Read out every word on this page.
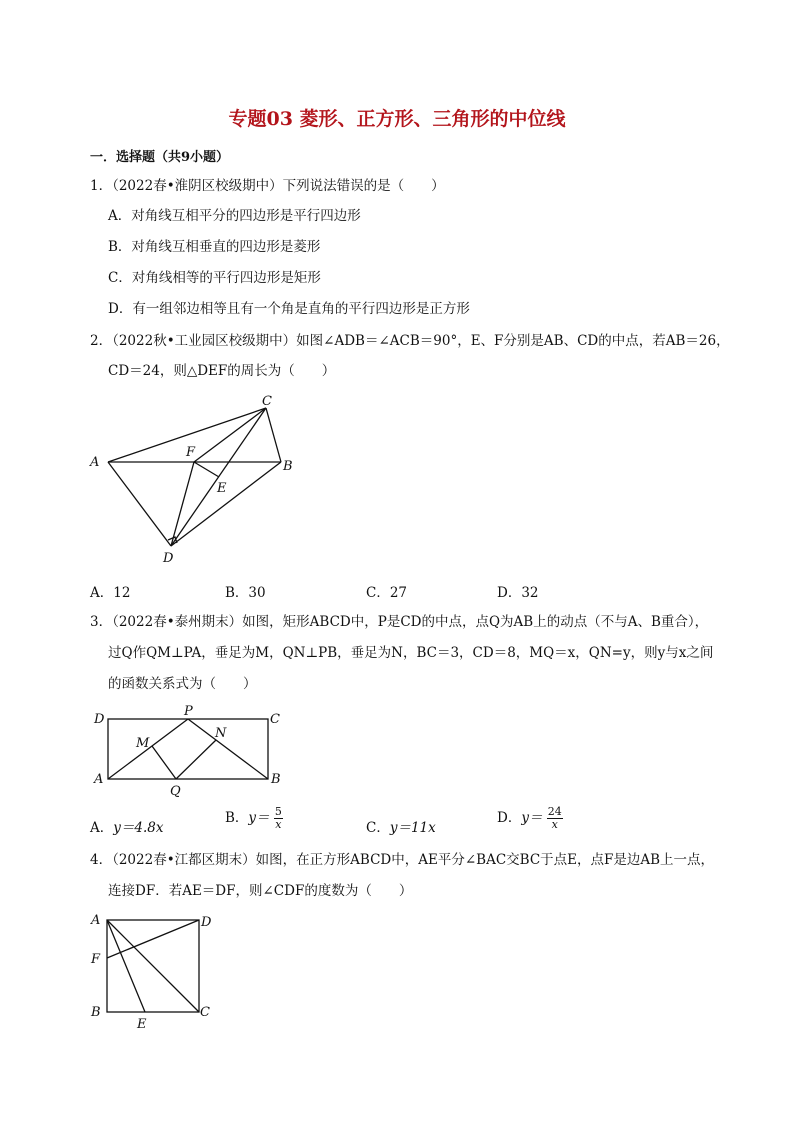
专题03 菱形、正方形、三角形的中位线
一．选择题（共9小题）
1．（2022春•淮阴区校级期中）下列说法错误的是（　　）
A．对角线互相平分的四边形是平行四边形
B．对角线互相垂直的四边形是菱形
C．对角线相等的平行四边形是矩形
D．有一组邻边相等且有一个角是直角的平行四边形是正方形
2．（2022秋•工业园区校级期中）如图∠ADB＝∠ACB＝90°，E、F分别是AB、CD的中点，若AB＝26，
CD＝24，则△DEF的周长为（　　）
A	B
C
D
E
F
A．12	B．30	C．27	D．32
3．（2022春•泰州期末）如图，矩形ABCD中，P是CD的中点，点Q为AB上的动点（不与A、B重合），
过Q作QM⊥PA，垂足为M，QN⊥PB，垂足为N，BC＝3，CD＝8，MQ＝x，QN=y，则y与x之间
的函数关系式为（　　）
D	C
A	B
P
Q
M
N
A．y＝4.8x
B．$y= \frac{5}{x}$	C．y＝11x
D．$y= \frac{24}{x}$
4．（2022春•江都区期末）如图，在正方形ABCD中，AE平分∠BAC交BC于点E，点F是边AB上一点，
连接DF．若AE＝DF，则∠CDF的度数为（　　）
A	D
F
B	C
E
